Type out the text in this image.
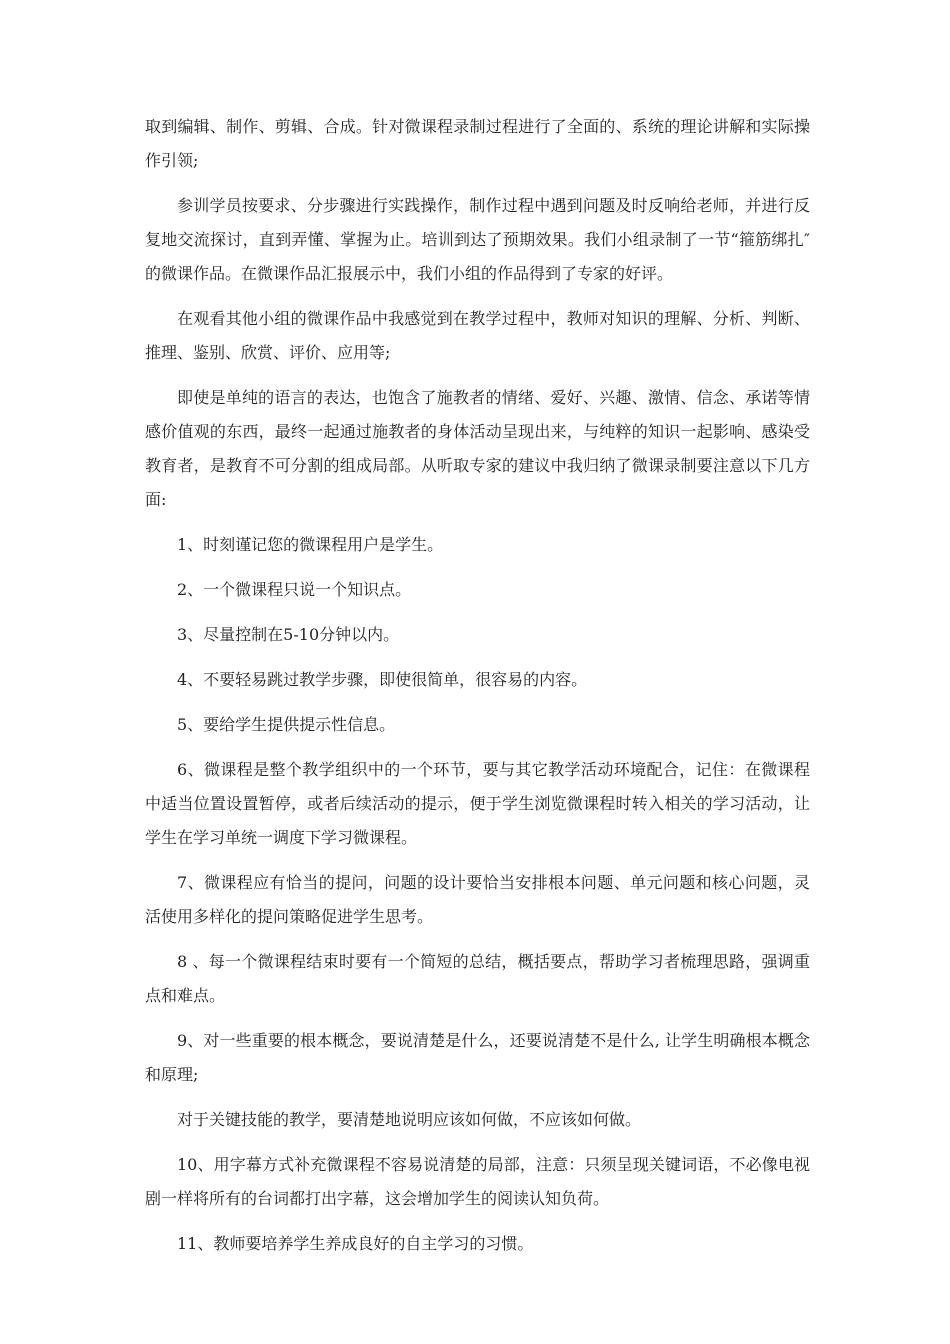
取到编辑、制作、剪辑、合成。针对微课程录制过程进行了全面的、系统的理论讲解和实际操作引领;

参训学员按要求、分步骤进行实践操作，制作过程中遇到问题及时反响给老师，并进行反复地交流探讨，直到弄懂、掌握为止。培训到达了预期效果。我们小组录制了一节“箍筋绑扎″的微课作品。在微课作品汇报展示中，我们小组的作品得到了专家的好评。

在观看其他小组的微课作品中我感觉到在教学过程中，教师对知识的理解、分析、判断、推理、鉴别、欣赏、评价、应用等;

即使是单纯的语言的表达，也饱含了施教者的情绪、爱好、兴趣、激情、信念、承诺等情感价值观的东西，最终一起通过施教者的身体活动呈现出来，与纯粹的知识一起影响、感染受教育者，是教育不可分割的组成局部。从听取专家的建议中我归纳了微课录制要注意以下几方面:

1、时刻谨记您的微课程用户是学生。

2、一个微课程只说一个知识点。

3、尽量控制在5-10分钟以内。

4、不要轻易跳过教学步骤，即使很简单，很容易的内容。

5、要给学生提供提示性信息。

6、微课程是整个教学组织中的一个环节，要与其它教学活动环境配合，记住：在微课程中适当位置设置暂停，或者后续活动的提示，便于学生浏览微课程时转入相关的学习活动，让学生在学习单统一调度下学习微课程。

7、微课程应有恰当的提问，问题的设计要恰当安排根本问题、单元问题和核心问题，灵活使用多样化的提问策略促进学生思考。

8 、每一个微课程结束时要有一个简短的总结，概括要点，帮助学习者梳理思路，强调重点和难点。

9、对一些重要的根本概念，要说清楚是什么，还要说清楚不是什么, 让学生明确根本概念和原理;

对于关键技能的教学，要清楚地说明应该如何做，不应该如何做。

10、用字幕方式补充微课程不容易说清楚的局部，注意：只须呈现关键词语，不必像电视剧一样将所有的台词都打出字幕，这会增加学生的阅读认知负荷。

11、教师要培养学生养成良好的自主学习的习惯。
